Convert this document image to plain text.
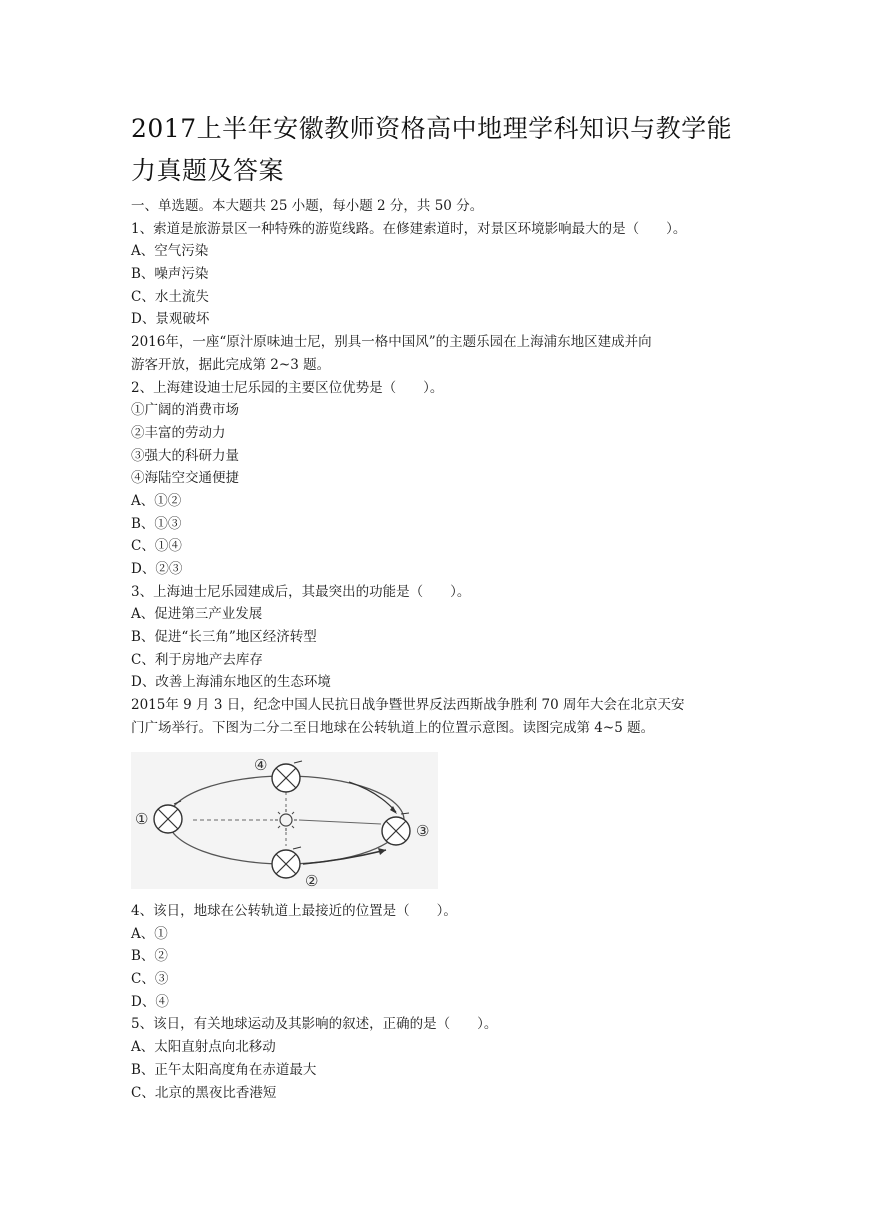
2017上半年安徽教师资格高中地理学科知识与教学能力真题及答案
一、单选题。本大题共 25 小题，每小题 2 分，共 50 分。
1、索道是旅游景区一种特殊的游览线路。在修建索道时，对景区环境影响最大的是（　　）。
A、空气污染
B、噪声污染
C、水土流失
D、景观破坏
2016年，一座“原汁原味迪士尼，别具一格中国风”的主题乐园在上海浦东地区建成并向
游客开放，据此完成第 2~3 题。
2、上海建设迪士尼乐园的主要区位优势是（　　）。
①广阔的消费市场
②丰富的劳动力
③强大的科研力量
④海陆空交通便捷
A、①②
B、①③
C、①④
D、②③
3、上海迪士尼乐园建成后，其最突出的功能是（　　）。
A、促进第三产业发展
B、促进“长三角”地区经济转型
C、利于房地产去库存
D、改善上海浦东地区的生态环境
2015年 9 月 3 日，纪念中国人民抗日战争暨世界反法西斯战争胜利 70 周年大会在北京天安
门广场举行。下图为二分二至日地球在公转轨道上的位置示意图。读图完成第 4~5 题。
①
②
③
④
4、该日，地球在公转轨道上最接近的位置是（　　）。
A、①
B、②
C、③
D、④
5、该日，有关地球运动及其影响的叙述，正确的是（　　）。
A、太阳直射点向北移动
B、正午太阳高度角在赤道最大
C、北京的黑夜比香港短
